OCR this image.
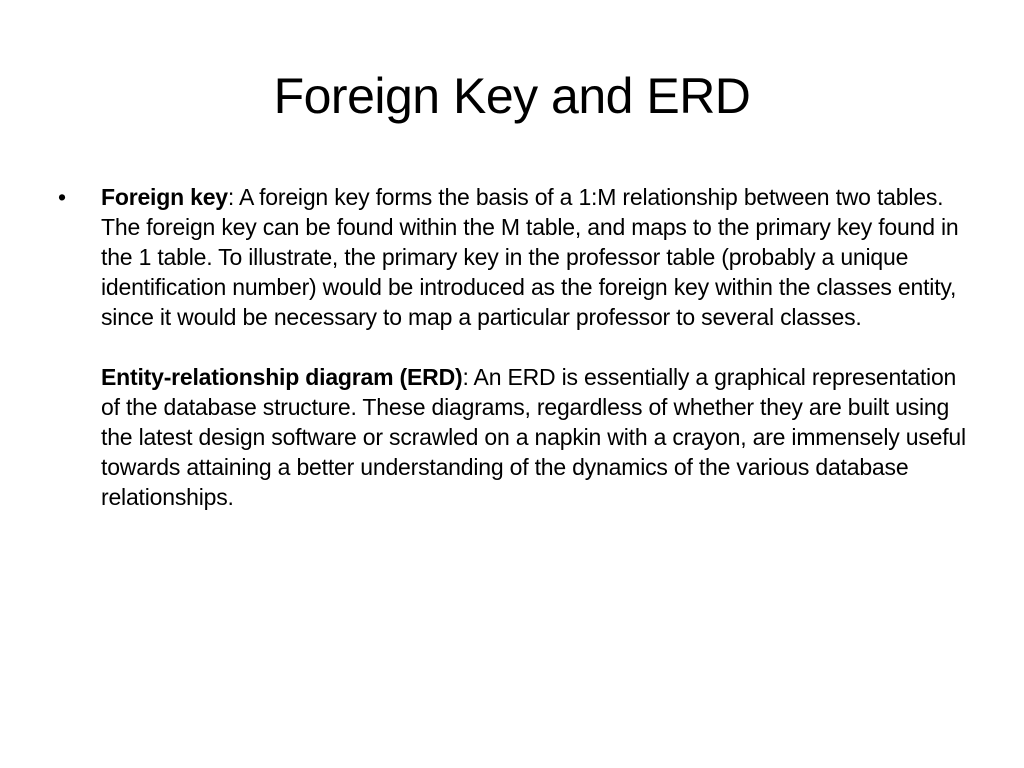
Foreign Key and ERD
•	Foreign key: A foreign key forms the basis of a 1:M relationship between two tables. The foreign key can be found within the M table, and maps to the primary key found in the 1 table. To illustrate, the primary key in the professor table (probably a unique identification number) would be introduced as the foreign key within the classes entity, since it would be necessary to map a particular professor to several classes.

Entity-relationship diagram (ERD): An ERD is essentially a graphical representation of the database structure. These diagrams, regardless of whether they are built using the latest design software or scrawled on a napkin with a crayon, are immensely useful towards attaining a better understanding of the dynamics of the various database relationships.
